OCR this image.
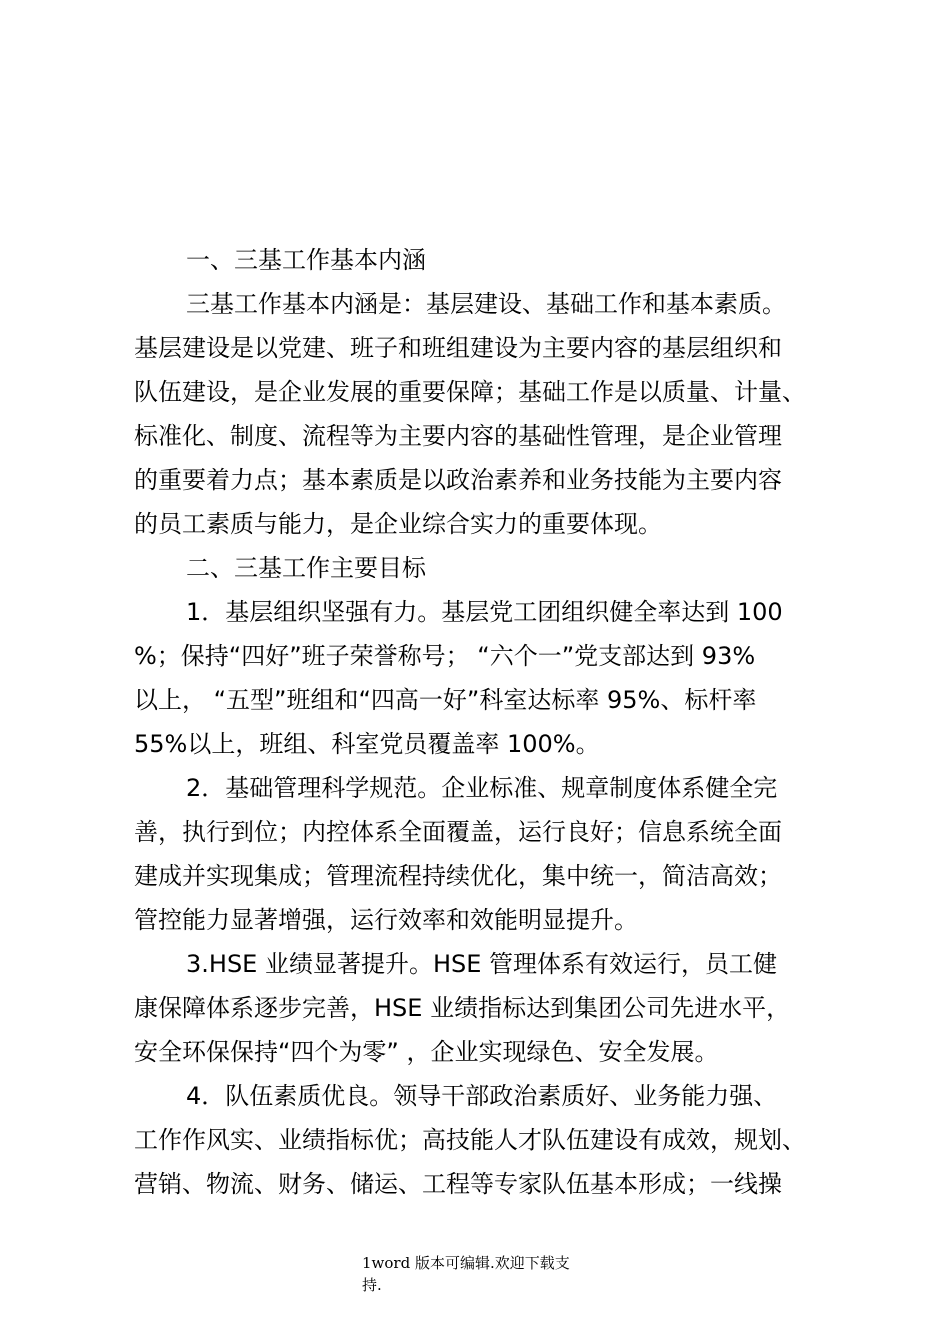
一、三基工作基本内涵
三基工作基本内涵是：基层建设、基础工作和基本素质。
基层建设是以党建、班子和班组建设为主要内容的基层组织和
队伍建设，是企业发展的重要保障；基础工作是以质量、计量、
标准化、制度、流程等为主要内容的基础性管理，是企业管理
的重要着力点；基本素质是以政治素养和业务技能为主要内容
的员工素质与能力，是企业综合实力的重要体现。
二、三基工作主要目标
1．基层组织坚强有力。基层党工团组织健全率达到 100
%；保持“四好”班子荣誉称号； “六个一”党支部达到 93%
以上， “五型”班组和“四高一好”科室达标率 95%、标杆率
55%以上，班组、科室党员覆盖率 100%。
2．基础管理科学规范。企业标准、规章制度体系健全完
善，执行到位；内控体系全面覆盖，运行良好；信息系统全面
建成并实现集成；管理流程持续优化，集中统一，简洁高效；
管控能力显著增强，运行效率和效能明显提升。
3.HSE 业绩显著提升。HSE 管理体系有效运行，员工健
康保障体系逐步完善，HSE 业绩指标达到集团公司先进水平，
安全环保保持“四个为零” ，企业实现绿色、安全发展。
4．队伍素质优良。领导干部政治素质好、业务能力强、
工作作风实、业绩指标优；高技能人才队伍建设有成效，规划、
营销、物流、财务、储运、工程等专家队伍基本形成；一线操
1word 版本可编辑.欢迎下载支
持.
